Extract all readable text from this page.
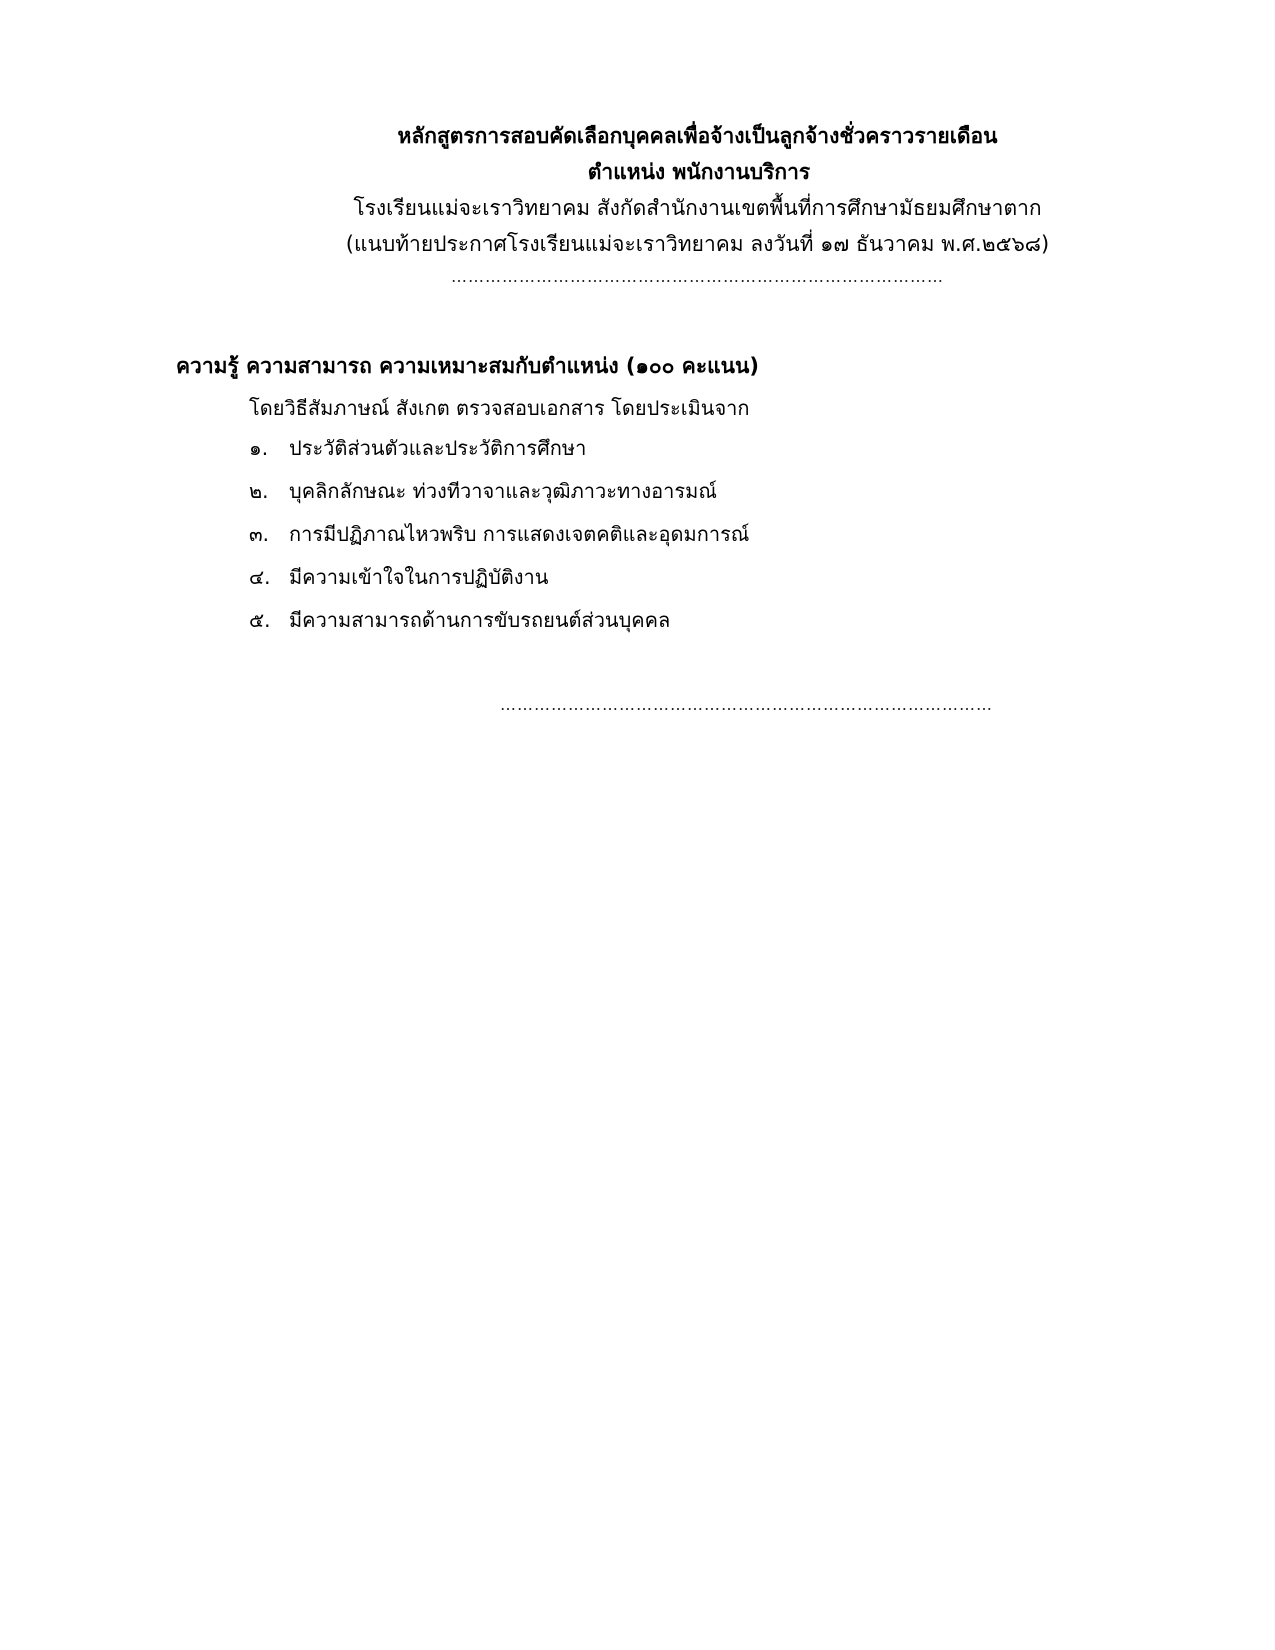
หลักสูตรการสอบคัดเลือกบุคคลเพื่อจ้างเป็นลูกจ้างชั่วคราวรายเดือน
ตำแหน่ง พนักงานบริการ
โรงเรียนแม่จะเราวิทยาคม สังกัดสำนักงานเขตพื้นที่การศึกษามัธยมศึกษาตาก
(แนบท้ายประกาศโรงเรียนแม่จะเราวิทยาคม ลงวันที่ ๑๗ ธันวาคม พ.ศ.๒๕๖๘)
……………………………………………………………………………
ความรู้ ความสามารถ ความเหมาะสมกับตำแหน่ง (๑๐๐ คะแนน)
โดยวิธีสัมภาษณ์ สังเกต ตรวจสอบเอกสาร โดยประเมินจาก
๑.	ประวัติส่วนตัวและประวัติการศึกษา
๒.	บุคลิกลักษณะ ท่วงทีวาจาและวุฒิภาวะทางอารมณ์
๓. การมีปฏิภาณไหวพริบ การแสดงเจตคติและอุดมการณ์
๔. มีความเข้าใจในการปฏิบัติงาน
๕. มีความสามารถด้านการขับรถยนต์ส่วนบุคคล
……………………………………………………………………………
